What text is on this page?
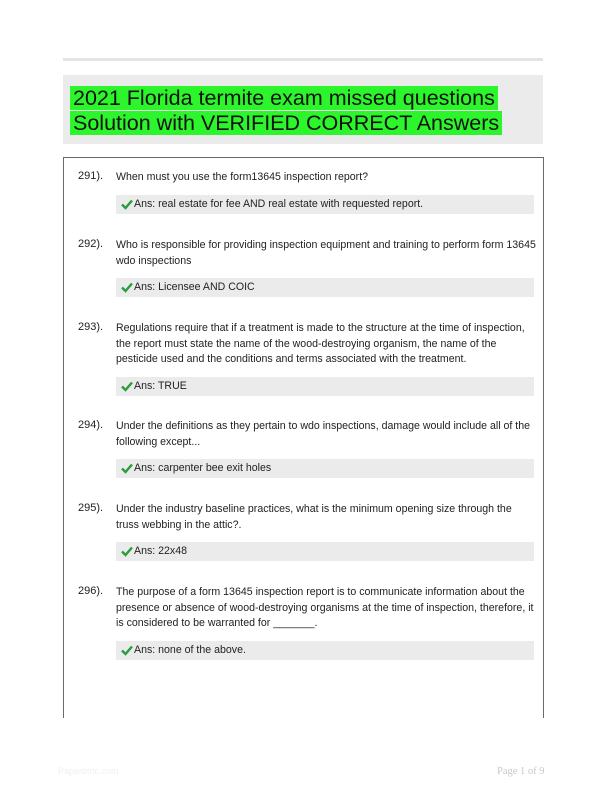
2021 Florida termite exam missed questions
Solution with VERIFIED CORRECT Answers
291). When must you use the form13645 inspection report?
Ans: real estate for fee AND real estate with requested report.
292). Who is responsible for providing inspection equipment and training to perform form 13645 wdo inspections
Ans: Licensee AND COIC
293). Regulations require that if a treatment is made to the structure at the time of inspection, the report must state the name of the wood-destroying organism, the name of the pesticide used and the conditions and terms associated with the treatment.
Ans: TRUE
294). Under the definitions as they pertain to wdo inspections, damage would include all of the following except...
Ans: carpenter bee exit holes
295). Under the industry baseline practices, what is the minimum opening size through the truss webbing in the attic?.
Ans: 22x48
296). The purpose of a form 13645 inspection report is to communicate information about the presence or absence of wood-destroying organisms at the time of inspection, therefore, it is considered to be warranted for _______.
Ans: none of the above.
Paperbtrlc.com	Page 1 of 9
